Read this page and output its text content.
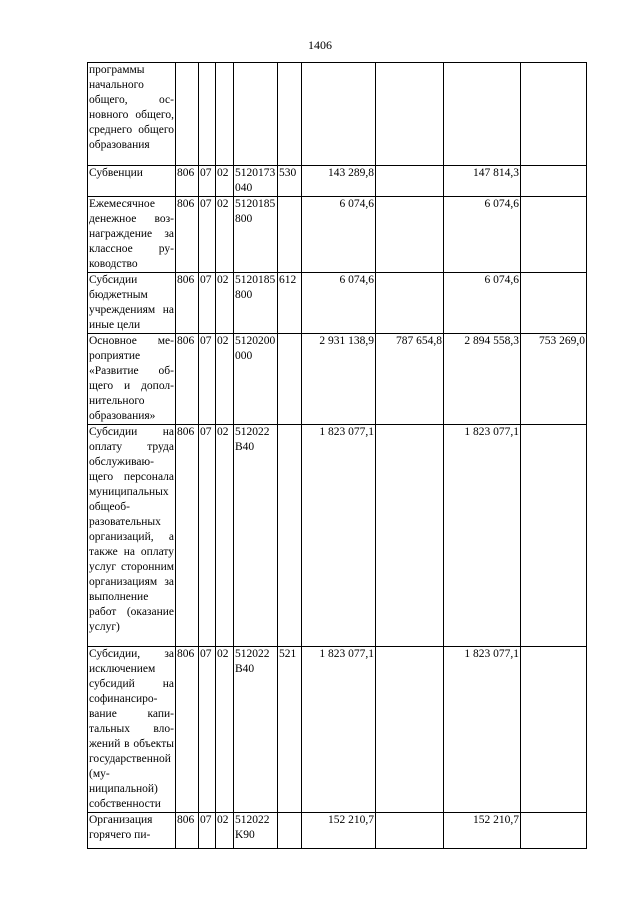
1406
программы начального общего, основного общего, среднего общего образования									
Субвенции	806	07	02	5120173040	530	143 289,8		147 814,3	
Ежемесячное денежное вознаграждение за классное руководство	806	07	02	5120185800		6 074,6		6 074,6	
Субсидии бюджетным учреждениям на иные цели	806	07	02	5120185800	612	6 074,6		6 074,6	
Основное мероприятие «Развитие общего и дополнительного образования»	806	07	02	5120200000		2 931 138,9	787 654,8	2 894 558,3	753 269,0
Субсидии на оплату труда обслуживающего персонала муниципальных общеобразовательных организаций, а также на оплату услуг сторонним организациям за выполнение работ (оказание услуг)	806	07	02	512022B40		1 823 077,1		1 823 077,1	
Субсидии, за исключением субсидий на софинансирование капитальных вложений в объекты государственной (муниципальной) собственности	806	07	02	512022B40	521	1 823 077,1		1 823 077,1	
Организация горячего пи-	806	07	02	512022K90		152 210,7		152 210,7	
